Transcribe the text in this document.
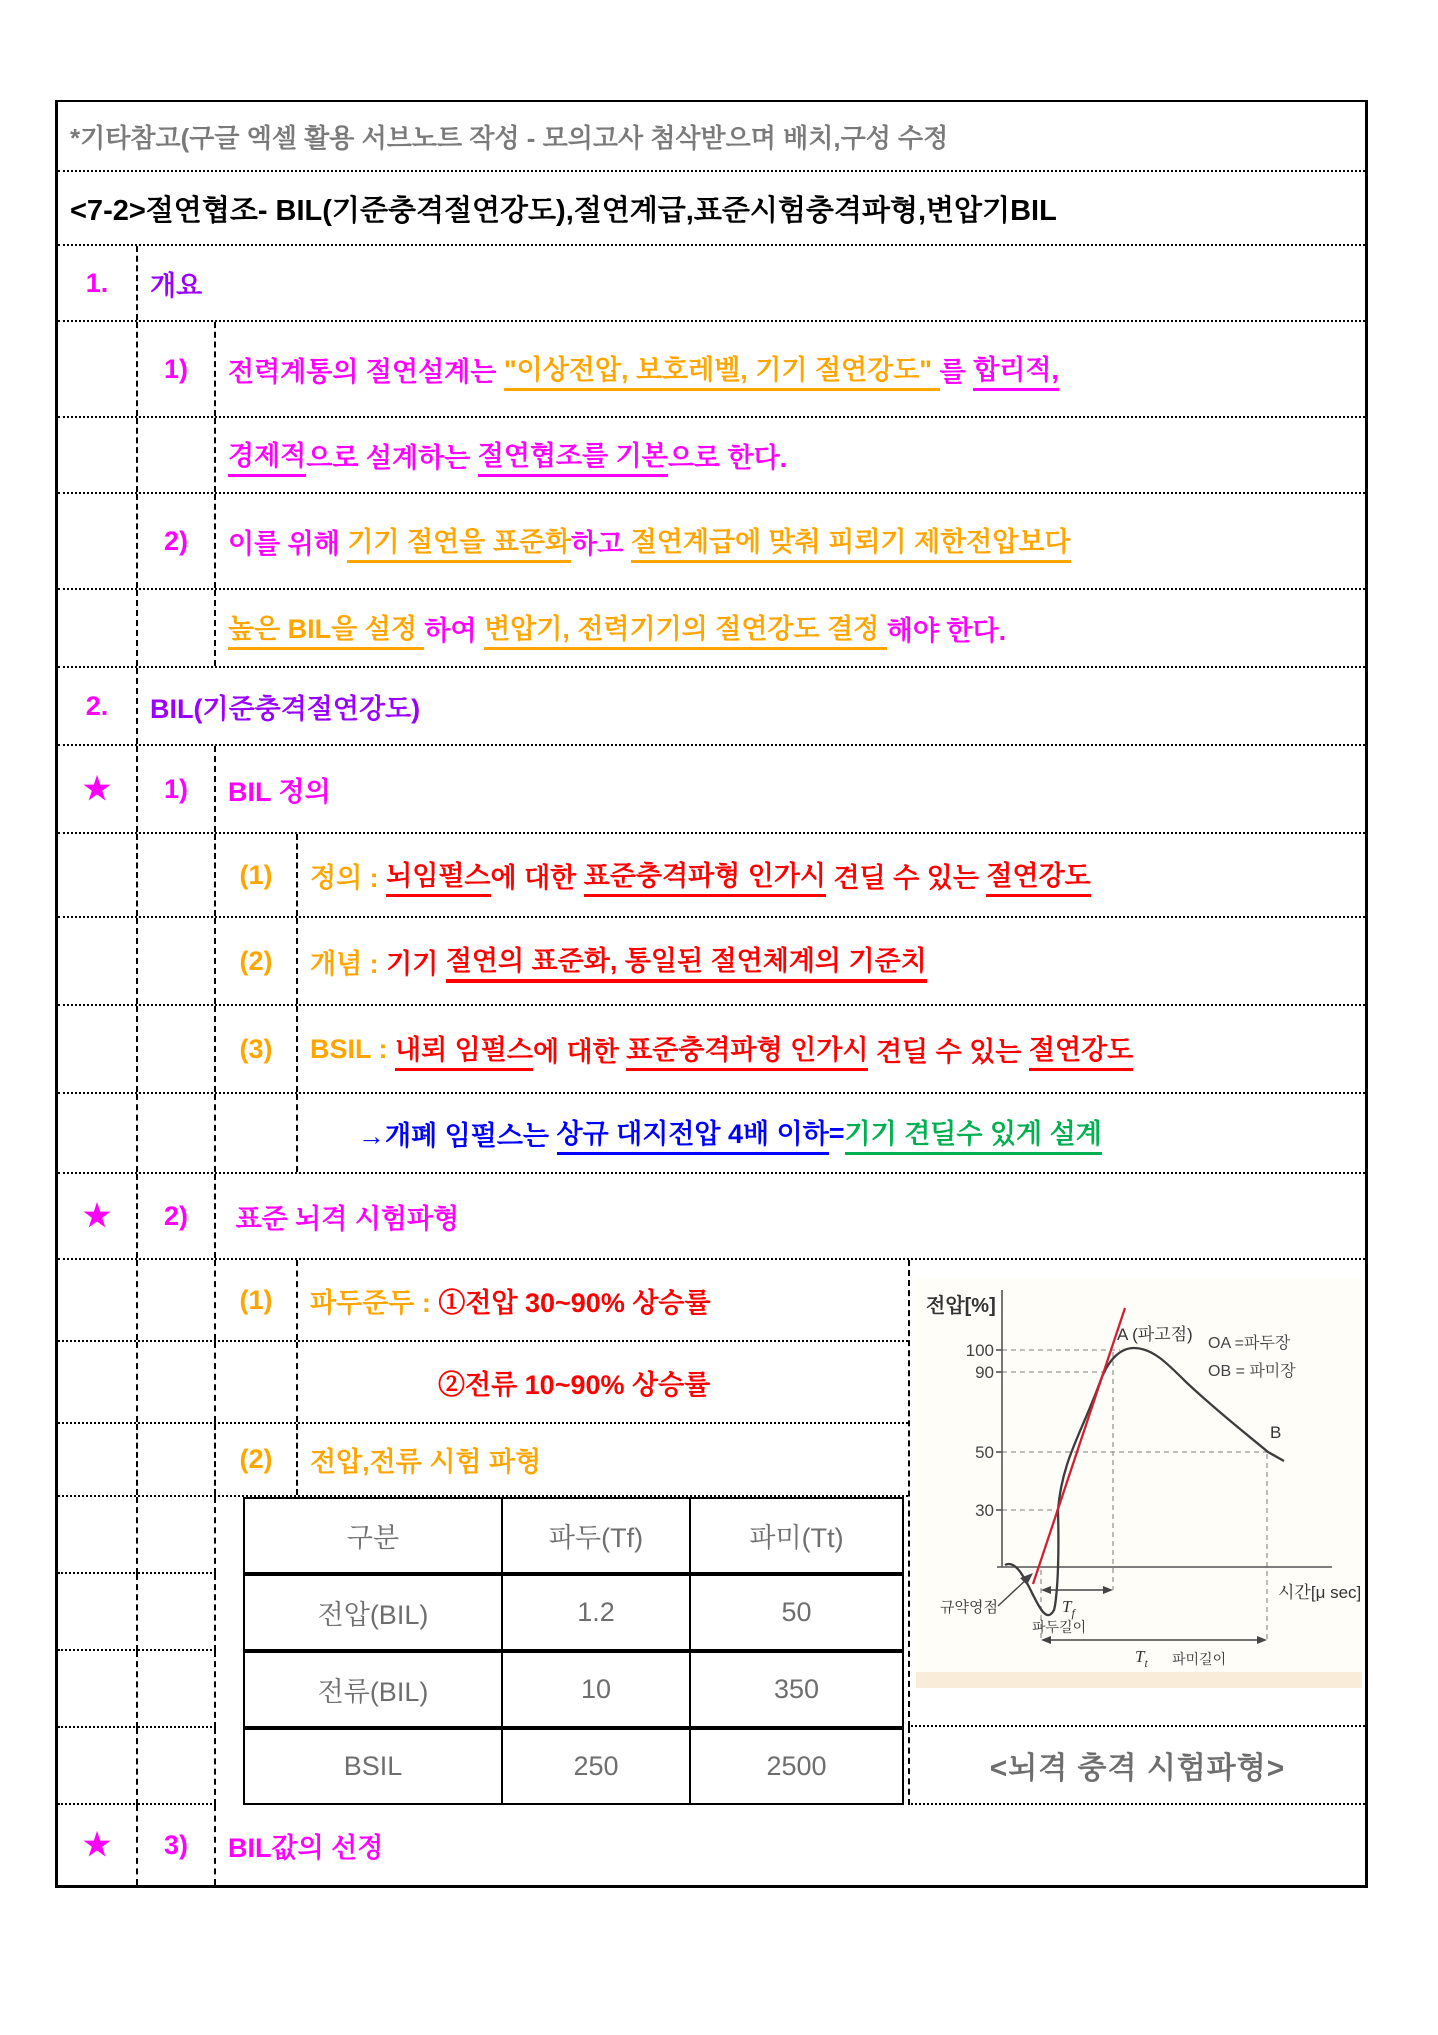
*기타참고(구글 엑셀 활용 서브노트 작성 - 모의고사 첨삭받으며 배치,구성 수정
<7-2>절연협조- BIL(기준충격절연강도),절연계급,표준시험충격파형,변압기BIL
1. 개요
1) 전력계통의 절연설계는 "이상전압, 보호레벨, 기기 절연강도" 를 합리적,
경제적 으로 설계하는 절연협조를 기본 으로 한다.
2) 이를 위해 기기 절연을 표준화 하고 절연계급에 맞춰 피뢰기 제한전압보다
높은 BIL을 설정 하여 변압기, 전력기기의 절연강도 결정 해야 한다.
2. BIL(기준충격절연강도)
★ 1) BIL 정의
(1) 정의 : 뇌임펄스 에 대한 표준충격파형 인가시 견딜 수 있는 절연강도
(2) 개념 : 기기 절연의 표준화, 통일된 절연체계의 기준치
(3) BSIL : 내뢰 임펄스 에 대한 표준충격파형 인가시 견딜 수 있는 절연강도
→개폐 임펄스는 상규 대지전압 4배 이하 = 기기 견딜수 있게 설계
★ 2) 표준 뇌격 시험파형
(1) 파두준두 : ①전압 30~90% 상승률
②전류 10~90% 상승률
(2) 전압,전류 시험 파형
구분	파두(Tf)	파미(Tt)
전압(BIL)	1.2	50
전류(BIL)	10	350
BSIL	250	2500
★ 3) BIL값의 선정
전압[%]
100
90
50
30
A (파고점) OA =파두장
OB = 파미장
B
시간[μ sec]
규약영점	$T_f$
파두길이
$T_t$ 파미길이
<뇌격 충격 시험파형>
